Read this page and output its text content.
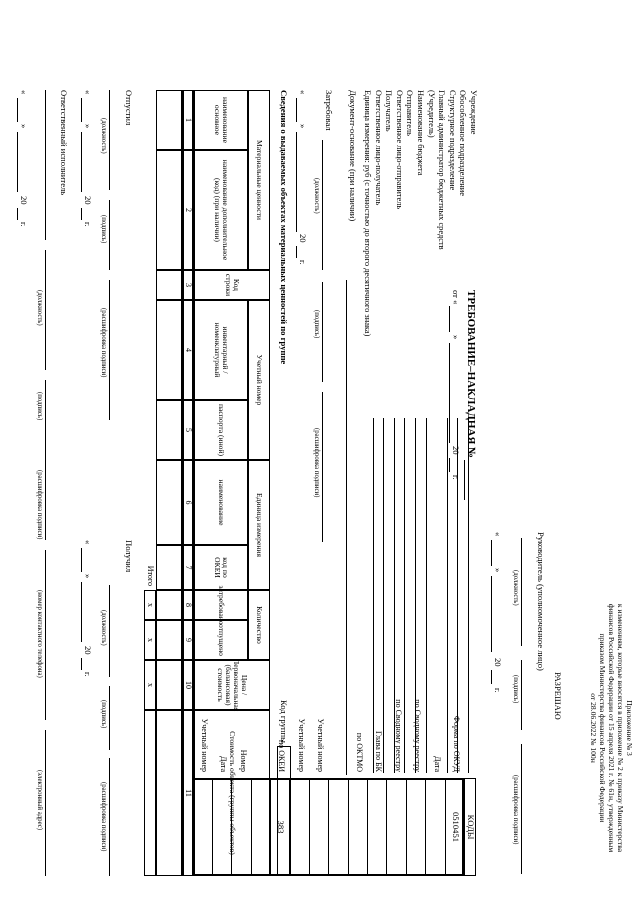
Приложение № 3
к изменениям, которые вносятся в приложение № 2 к приказу Министерства
финансов Российской Федерации от 15 апреля 2021 г. № 61н, утвержденным
приказом Министерства финансов Российской Федерации
от 28.06.2022 № 100н
РАЗРЕШАЮ
Руководитель (уполномоченное лицо)
(должность)
(подпись)
(расшифровка подписи)
«
»
20
г.
ТРЕБОВАНИЕ–НАКЛАДНАЯ №
от «
»
20
г.
КОДЫ
Форма по ОКУД
0510451
Дата
по Сводному реестру
по Сводному реестру
Глава по БК
по ОКТМО
Учетный номер
Учетный номер
по ОКЕИ
383
Номер
Дата
Учетный номер
Учреждение
Обособленное подразделение
Структурное подразделение
Главный администратор бюджетных средств
(Учредитель)
Наименование бюджета
Отправитель
Ответственное лицо-отправитель
Получатель
Ответственное лицо-получатель
Единица измерения: руб (с точностью до второго десятичного знака)
Документ-основание (при наличии)
Затребовал
(должность)
(подпись)
(расшифровка подписи)
«
»
20
г.
Сведения о выдаваемых объектах материальных ценностей по группе
Код группы
Материальные ценности
Код строки
Учетный номер
Единица измерения
Количество
Цена / Первоначальная (балансовая) стоимость
Стоимость объекта (группы объектов)
наименование основное
наименование дополнительное (код) (при наличии)
инвентарный / номенклатурный
паспорта (иной)
наименование
код по ОКЕИ
затребовано
отпущено
1
2
3
4
5
6
7
8
9
10
11
Итого
x
x
x
Отпустил
(должность)
(подпись)
(расшифровка подписи)
«
»
20
г.
Получил
(должность)
(подпись)
(расшифровка подписи)
«
»
20
г.
Ответственный исполнитель
(должность)
(подпись)
(расшифровка подписи)
(номер контактного телефона)
(электронный адрес)
«
»
20
г.
